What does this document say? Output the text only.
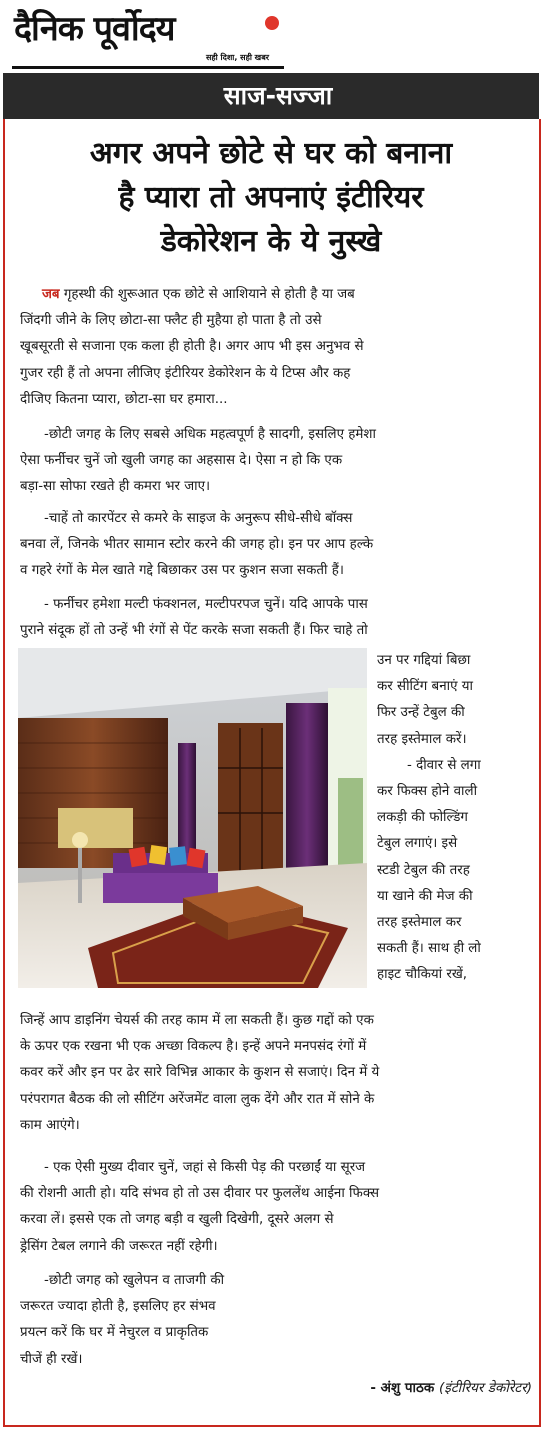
दैनिक पूर्वोदय
सही दिशा, सही खबर
साज-सज्जा
अगर अपने छोटे से घर को बनाना
है प्यारा तो अपनाएं इंटीरियर
डेकोरेशन के ये नुस्खे
जब गृहस्थी की शुरूआत एक छोटे से आशियाने से होती है या जब
जिंदगी जीने के लिए छोटा-सा फ्लैट ही मुहैया हो पाता है तो उसे
खूबसूरती से सजाना एक कला ही होती है। अगर आप भी इस अनुभव से
गुजर रही हैं तो अपना लीजिए इंटीरियर डेकोरेशन के ये टिप्स और कह
दीजिए कितना प्यारा, छोटा-सा घर हमारा...
-छोटी जगह के लिए सबसे अधिक महत्वपूर्ण है सादगी, इसलिए हमेशा
ऐसा फर्नीचर चुनें जो खुली जगह का अहसास दे। ऐसा न हो कि एक
बड़ा-सा सोफा रखते ही कमरा भर जाए।
-चाहें तो कारपेंटर से कमरे के साइज के अनुरूप सीधे-सीधे बॉक्स
बनवा लें, जिनके भीतर सामान स्टोर करने की जगह हो। इन पर आप हल्के
व गहरे रंगों के मेल खाते गद्दे बिछाकर उस पर कुशन सजा सकती हैं।
- फर्नीचर हमेशा मल्टी फंक्शनल, मल्टीपरपज चुनें। यदि आपके पास
पुराने संदूक हों तो उन्हें भी रंगों से पेंट करके सजा सकती हैं। फिर चाहे तो
उन पर गद्दियां बिछा
कर सीटिंग बनाएं या
फिर उन्हें टेबुल की
तरह इस्तेमाल करें।
- दीवार से लगा
कर फिक्स होने वाली
लकड़ी की फोल्डिंग
टेबुल लगाएं। इसे
स्टडी टेबुल की तरह
या खाने की मेज की
तरह इस्तेमाल कर
सकती हैं। साथ ही लो
हाइट चौकियां रखें,
जिन्हें आप डाइनिंग चेयर्स की तरह काम में ला सकती हैं। कुछ गद्दों को एक
के ऊपर एक रखना भी एक अच्छा विकल्प है। इन्हें अपने मनपसंद रंगों में
कवर करें और इन पर ढेर सारे विभिन्न आकार के कुशन से सजाएं। दिन में ये
परंपरागत बैठक की लो सीटिंग अरेंजमेंट वाला लुक देंगे और रात में सोने के
काम आएंगे।
- एक ऐसी मुख्य दीवार चुनें, जहां से किसी पेड़ की परछाईं या सूरज
की रोशनी आती हो। यदि संभव हो तो उस दीवार पर फुललेंथ आईना फिक्स
करवा लें। इससे एक तो जगह बड़ी व खुली दिखेगी, दूसरे अलग से
ड्रेसिंग टेबल लगाने की जरूरत नहीं रहेगी।
-छोटी जगह को खुलेपन व ताजगी की
जरूरत ज्यादा होती है, इसलिए हर संभव
प्रयत्न करें कि घर में नेचुरल व प्राकृतिक
चीजें ही रखें।
- अंशु पाठक (इंटीरियर डेकोरेटर)
